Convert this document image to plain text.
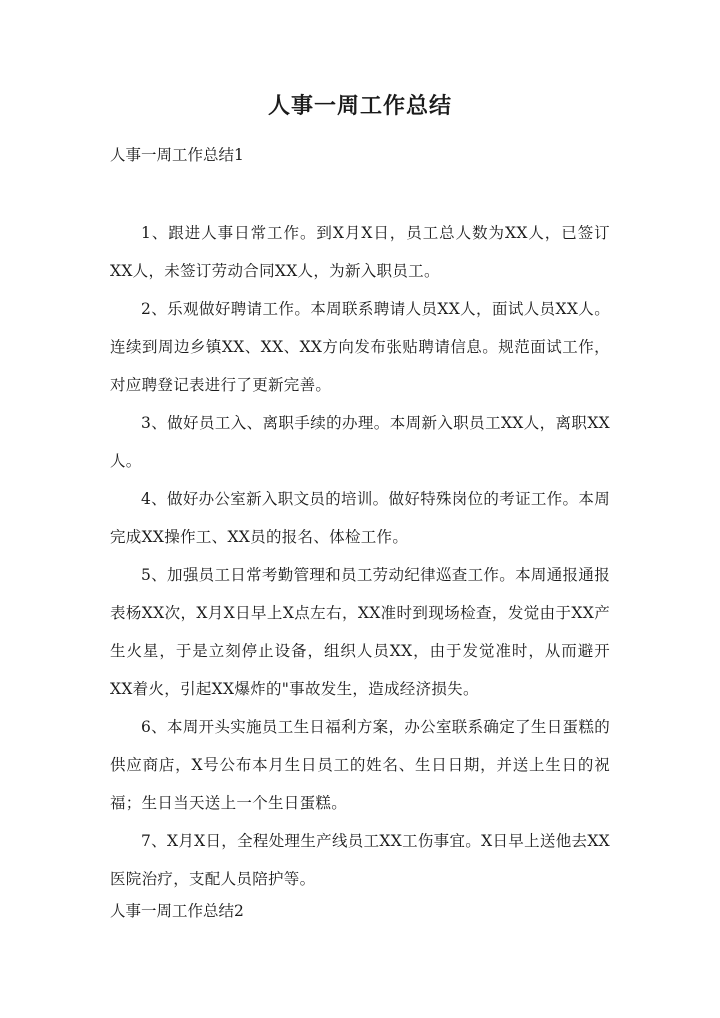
人事一周工作总结
人事一周工作总结1

1、跟进人事日常工作。到X月X日，员工总人数为XX人，已签订XX人，未签订劳动合同XX人，为新入职员工。

2、乐观做好聘请工作。本周联系聘请人员XX人，面试人员XX人。连续到周边乡镇XX、XX、XX方向发布张贴聘请信息。规范面试工作，对应聘登记表进行了更新完善。

3、做好员工入、离职手续的办理。本周新入职员工XX人，离职XX人。

4、做好办公室新入职文员的培训。做好特殊岗位的考证工作。本周完成XX操作工、XX员的报名、体检工作。

5、加强员工日常考勤管理和员工劳动纪律巡查工作。本周通报通报表杨XX次，X月X日早上X点左右，XX准时到现场检查，发觉由于XX产生火星，于是立刻停止设备，组织人员XX，由于发觉准时，从而避开XX着火，引起XX爆炸的"事故发生，造成经济损失。

6、本周开头实施员工生日福利方案，办公室联系确定了生日蛋糕的供应商店，X号公布本月生日员工的姓名、生日日期，并送上生日的祝福；生日当天送上一个生日蛋糕。

7、X月X日，全程处理生产线员工XX工伤事宜。X日早上送他去XX医院治疗，支配人员陪护等。

人事一周工作总结2
